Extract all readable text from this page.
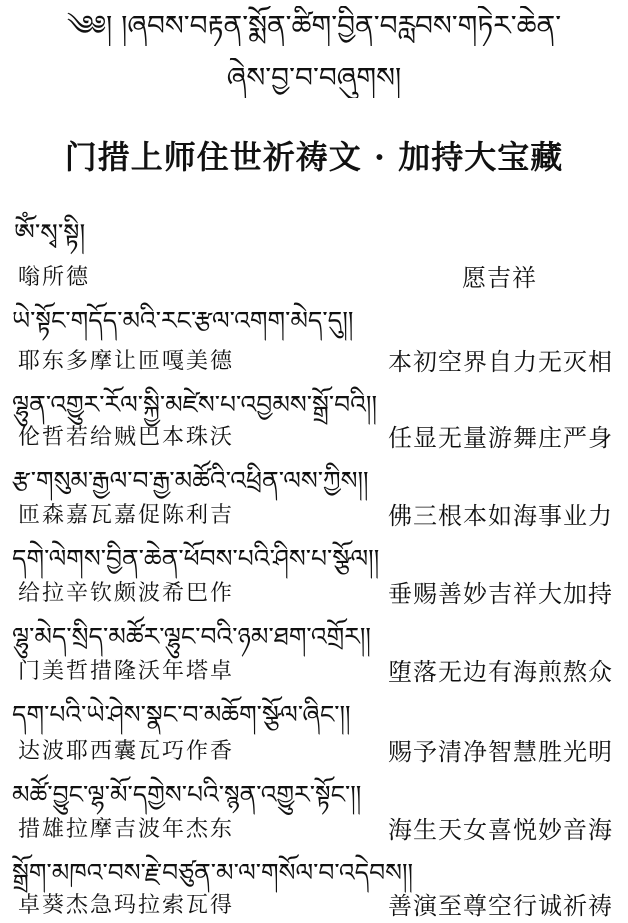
༄༅། །ཞབས་བརྟན་སྨོན་ཚིག་བྱིན་བརླབས་གཏེར་ཆེན་
ཞེས་བྱ་བ་བཞུགས།
门措上师住世祈祷文 · 加持大宝藏
ཨོཾ་སྭ་སྟི།
嗡所德	愿吉祥
ཡེ་སྟོང་གདོད་མའི་རང་རྩལ་འགག་མེད་དུ།།
耶东多摩让匝嘎美德	本初空界自力无灭相
ལྷུན་འགྱུར་རོལ་སྐྱི་མཛེས་པ་འབྱམས་སྒྲོ་བའི།།
伦哲若给贼巴本珠沃	任显无量游舞庄严身
རྩ་གསུམ་རྒྱལ་བ་རྒྱ་མཚོའི་འཕྲིན་ལས་ཀྱིས།།
匝森嘉瓦嘉促陈利吉	佛三根本如海事业力
དགེ་ལེགས་བྱིན་ཆེན་ཕོབས་པའི་ཤིས་པ་སྩོལ།།
给拉辛钦颇波希巴作	垂赐善妙吉祥大加持
ལྷུ་མེད་སྲིད་མཚོར་ལྷུང་བའི་ཉམ་ཐག་འགྲོར།།
门美哲措隆沃年塔卓	堕落无边有海煎熬众
དག་པའི་ཡེ་ཤེས་སྣང་བ་མཆོག་སྩོལ་ཞིང་།།
达波耶西囊瓦巧作香	赐予清净智慧胜光明
མཚོ་བྱུང་ལྷ་མོ་དགྱེས་པའི་སྙན་འགྱུར་སྟོང་།།
措雄拉摩吉波年杰东	海生天女喜悦妙音海
སྒྲོག་མཁའ་བས་རྗེ་བཙུན་མ་ལ་གསོལ་བ་འདེབས།།
卓葵杰急玛拉索瓦得	善演至尊空行诚祈祷
